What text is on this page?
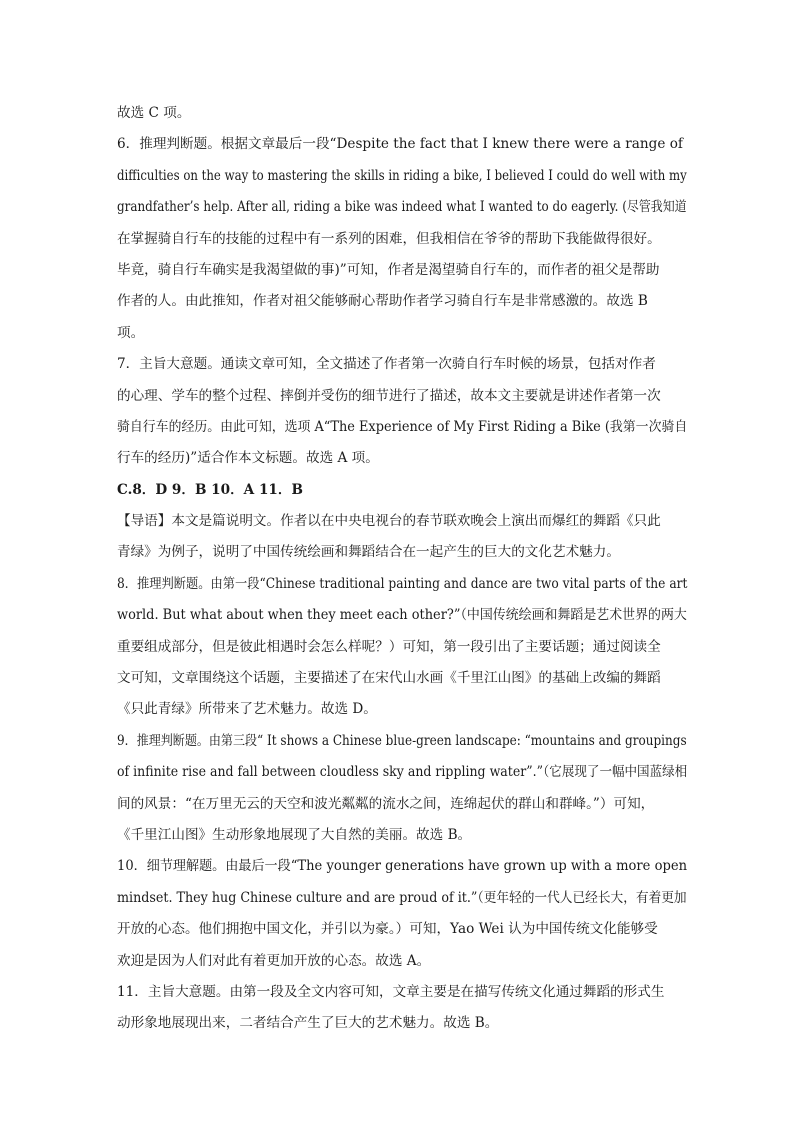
故选 C 项。
6．推理判断题。根据文章最后一段“Despite the fact that I knew there were a range of
difficulties on the way to mastering the skills in riding a bike, I believed I could do well with my
grandfather’s help. After all, riding a bike was indeed what I wanted to do eagerly. (尽管我知道
在掌握骑自行车的技能的过程中有一系列的困难，但我相信在爷爷的帮助下我能做得很好。
毕竟，骑自行车确实是我渴望做的事)”可知，作者是渴望骑自行车的，而作者的祖父是帮助
作者的人。由此推知，作者对祖父能够耐心帮助作者学习骑自行车是非常感激的。故选 B
项。
7．主旨大意题。通读文章可知，全文描述了作者第一次骑自行车时候的场景，包括对作者
的心理、学车的整个过程、摔倒并受伤的细节进行了描述，故本文主要就是讲述作者第一次
骑自行车的经历。由此可知，选项 A“The Experience of My First Riding a Bike (我第一次骑自
行车的经历)”适合作本文标题。故选 A 项。
C.8．D 9．B 10．A 11．B
【导语】本文是篇说明文。作者以在中央电视台的春节联欢晚会上演出而爆红的舞蹈《只此
青绿》为例子，说明了中国传统绘画和舞蹈结合在一起产生的巨大的文化艺术魅力。
8．推理判断题。由第一段“Chinese traditional painting and dance are two vital parts of the art
world. But what about when they meet each other?”（中国传统绘画和舞蹈是艺术世界的两大
重要组成部分，但是彼此相遇时会怎么样呢？）可知，第一段引出了主要话题；通过阅读全
文可知，文章围绕这个话题，主要描述了在宋代山水画《千里江山图》的基础上改编的舞蹈
《只此青绿》所带来了艺术魅力。故选 D。
9．推理判断题。由第三段“ It shows a Chinese blue-green landscape: “mountains and groupings
of infinite rise and fall between cloudless sky and rippling water”.”（它展现了一幅中国蓝绿相
间的风景：“在万里无云的天空和波光粼粼的流水之间，连绵起伏的群山和群峰。”）可知，
《千里江山图》生动形象地展现了大自然的美丽。故选 B。
10．细节理解题。由最后一段“The younger generations have grown up with a more open
mindset. They hug Chinese culture and are proud of it.”（更年轻的一代人已经长大，有着更加
开放的心态。他们拥抱中国文化，并引以为豪。）可知，Yao Wei 认为中国传统文化能够受
欢迎是因为人们对此有着更加开放的心态。故选 A。
11．主旨大意题。由第一段及全文内容可知，文章主要是在描写传统文化通过舞蹈的形式生
动形象地展现出来，二者结合产生了巨大的艺术魅力。故选 B。
